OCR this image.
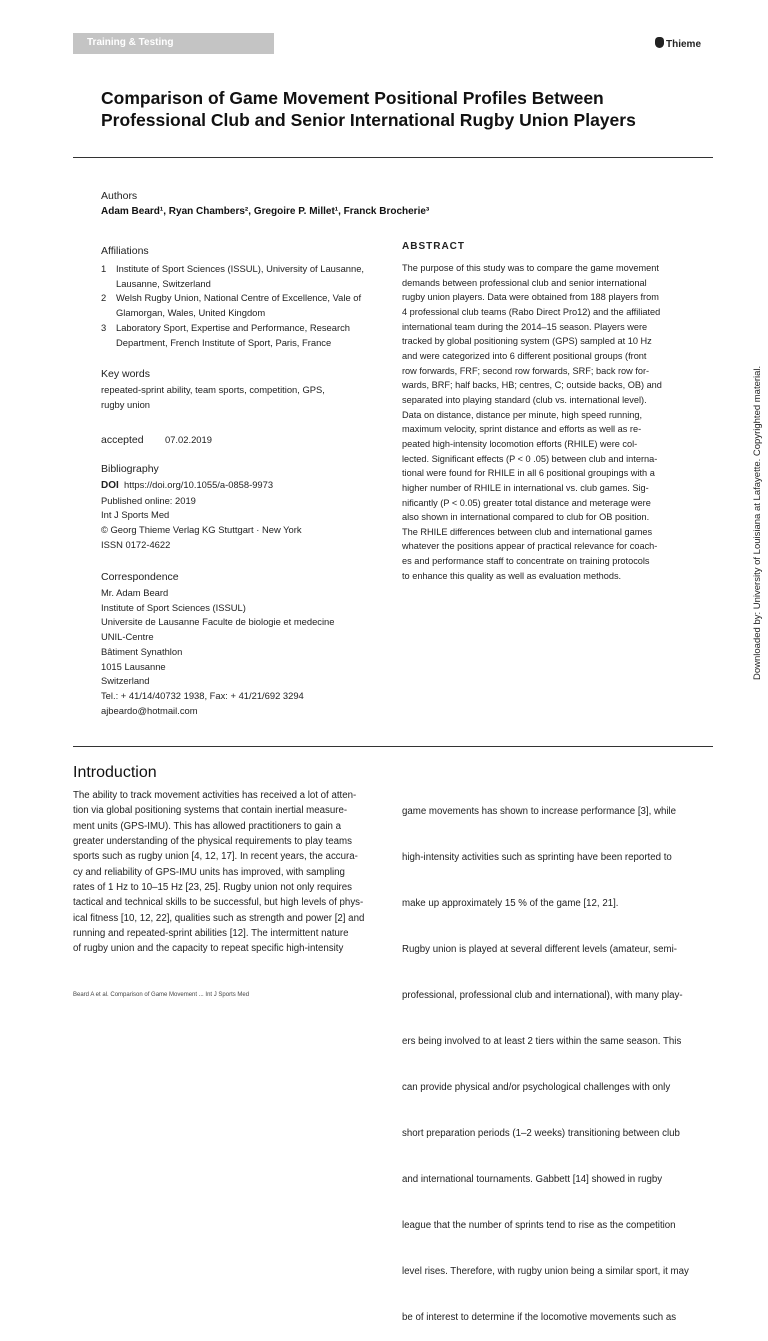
Training & Testing	Thieme
Comparison of Game Movement Positional Profiles Between Professional Club and Senior International Rugby Union Players
Authors
Adam Beard¹, Ryan Chambers², Gregoire P. Millet¹, Franck Brocherie³
Affiliations
1 Institute of Sport Sciences (ISSUL), University of Lausanne, Lausanne, Switzerland
2 Welsh Rugby Union, National Centre of Excellence, Vale of Glamorgan, Wales, United Kingdom
3 Laboratory Sport, Expertise and Performance, Research Department, French Institute of Sport, Paris, France
Key words
repeated-sprint ability, team sports, competition, GPS,
rugby union
accepted 07.02.2019
Bibliography
DOI https://doi.org/10.1055/a-0858-9973
Published online: 2019
Int J Sports Med
© Georg Thieme Verlag KG Stuttgart · New York
ISSN 0172-4622
Correspondence
Mr. Adam Beard
Institute of Sport Sciences (ISSUL)
Universite de Lausanne Faculte de biologie et medecine
UNIL-Centre
Bâtiment Synathlon
1015 Lausanne
Switzerland
Tel.: + 41/14/40732 1938, Fax: + 41/21/692 3294
ajbeardo@hotmail.com
ABSTRACT
The purpose of this study was to compare the game movement
demands between professional club and senior international
rugby union players. Data were obtained from 188 players from
4 professional club teams (Rabo Direct Pro12) and the affiliated
international team during the 2014–15 season. Players were
tracked by global positioning system (GPS) sampled at 10 Hz
and were categorized into 6 different positional groups (front
row forwards, FRF; second row forwards, SRF; back row for-
wards, BRF; half backs, HB; centres, C; outside backs, OB) and
separated into playing standard (club vs. international level).
Data on distance, distance per minute, high speed running,
maximum velocity, sprint distance and efforts as well as re-
peated high-intensity locomotion efforts (RHILE) were col-
lected. Significant effects (P < 0 .05) between club and interna-
tional were found for RHILE in all 6 positional groupings with a
higher number of RHILE in international vs. club games. Sig-
nificantly (P < 0.05) greater total distance and meterage were
also shown in international compared to club for OB position.
The RHILE differences between club and international games
whatever the positions appear of practical relevance for coach-
es and performance staff to concentrate on training protocols
to enhance this quality as well as evaluation methods.
Introduction
The ability to track movement activities has received a lot of atten-
tion via global positioning systems that contain inertial measure-
ment units (GPS-IMU). This has allowed practitioners to gain a
greater understanding of the physical requirements to play teams
sports such as rugby union [4, 12, 17]. In recent years, the accura-
cy and reliability of GPS-IMU units has improved, with sampling
rates of 1 Hz to 10–15 Hz [23, 25]. Rugby union not only requires
tactical and technical skills to be successful, but high levels of phys-
ical fitness [10, 12, 22], qualities such as strength and power [2] and
running and repeated-sprint abilities [12]. The intermittent nature
of rugby union and the capacity to repeat specific high-intensity

game movements has shown to increase performance [3], while

high-intensity activities such as sprinting have been reported to

make up approximately 15 % of the game [12, 21].

Rugby union is played at several different levels (amateur, semi-

professional, professional club and international), with many play-

ers being involved to at least 2 tiers within the same season. This

can provide physical and/or psychological challenges with only

short preparation periods (1–2 weeks) transitioning between club

and international tournaments. Gabbett [14] showed in rugby

league that the number of sprints tend to rise as the competition

level rises. Therefore, with rugby union being a similar sport, it may

be of interest to determine if the locomotive movements such as

Beard A et al. Comparison of Game Movement ... Int J Sports Med
Downloaded by: University of Louisiana at Lafayette. Copyrighted material.
